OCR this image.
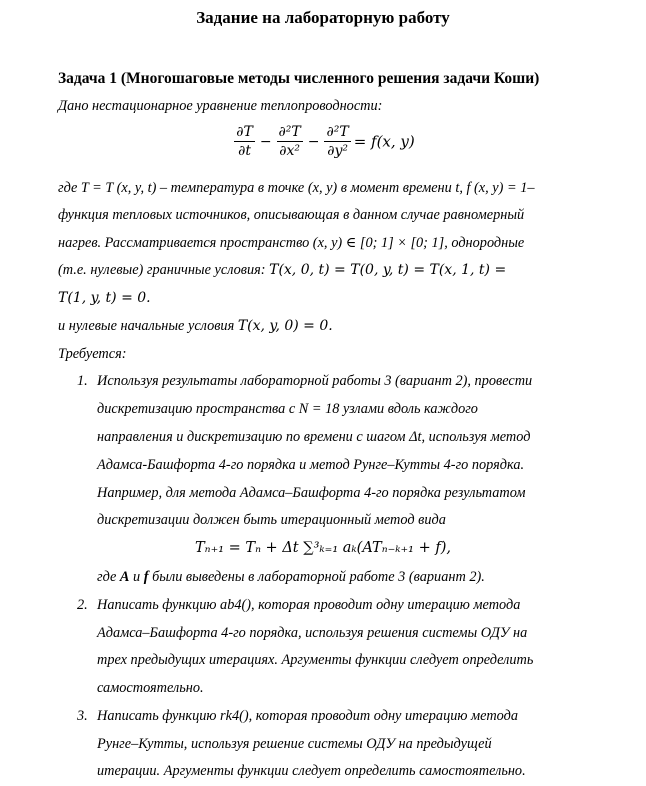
Задание на лабораторную работу
Задача 1 (Многошаговые методы численного решения задачи Коши)
Дано нестационарное уравнение теплопроводности:
$\frac{\partial T}{\partial t} - \frac{\text{∂²T}}{\text{∂x²}} - \frac{\text{∂²T}}{\text{∂y²}} = f(x$, y)
где T = T (x, y, t) – температура в точке (x, y) в момент времени t, f (x, y) = 1–
функция тепловых источников, описывающая в данном случае равномерный
нагрев. Рассматривается пространство (x, y) ∈ [0; 1] × [0; 1], однородные
(т.е. нулевые) граничные условия: T(x, 0, t) = T(0, y, t) = T(x, 1, t) =
T(1, y, t) = 0.
и нулевые начальные условия T(x, y, 0) = 0.
Требуется:
1. Используя результаты лабораторной работы 3 (вариант 2), провести
дискретизацию пространства с N = 18 узлами вдоль каждого
направления и дискретизацию по времени с шагом Δt, используя метод
Адамса-Башфорта 4-го порядка и метод Рунге–Кутты 4-го порядка.
Например, для метода Адамса–Башфорта 4-го порядка результатом
дискретизации должен быть итерационный метод вида
Tₙ₊₁ = Tₙ + Δt ∑³ₖ₌₁ aₖ(ATₙ₋ₖ₊₁ + f),
где A и f были выведены в лабораторной работе 3 (вариант 2).
2. Написать функцию ab4(), которая проводит одну итерацию метода
Адамса–Башфорта 4-го порядка, используя решения системы ОДУ на
трех предыдущих итерациях. Аргументы функции следует определить
самостоятельно.
3. Написать функцию rk4(), которая проводит одну итерацию метода
Рунге–Кутты, используя решение системы ОДУ на предыдущей
итерации. Аргументы функции следует определить самостоятельно.
